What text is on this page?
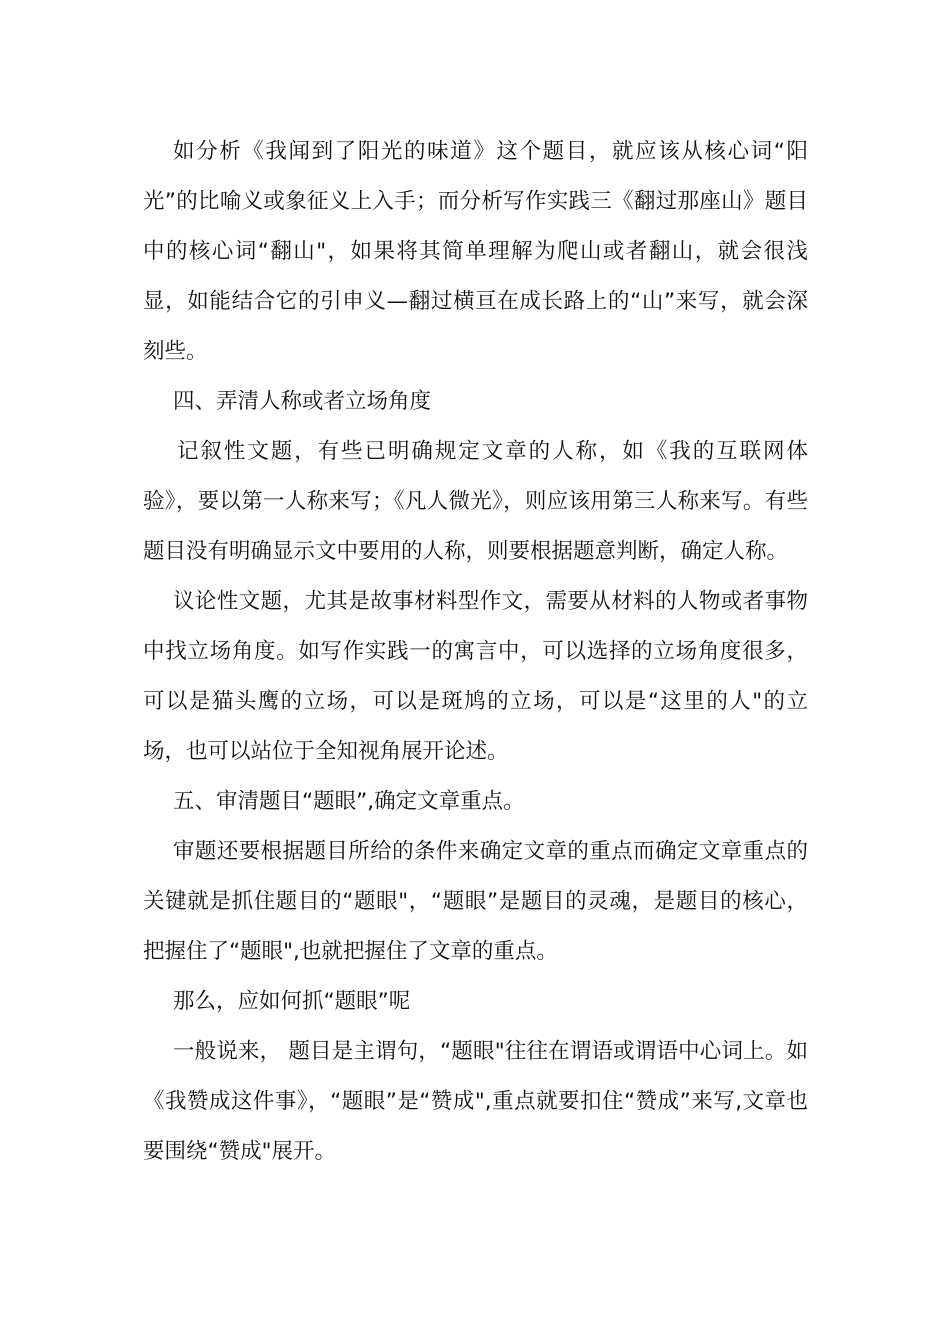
如分析《我闻到了阳光的味道》这个题目，就应该从核心词“阳光”的比喻义或象征义上入手；而分析写作实践三《翻过那座山》题目中的核心词“翻山"，如果将其简单理解为爬山或者翻山，就会很浅显，如能结合它的引申义—翻过横亘在成长路上的“山”来写，就会深刻些。

四、弄清人称或者立场角度

记叙性文题，有些已明确规定文章的人称，如《我的互联网体验》，要以第一人称来写；《凡人微光》，则应该用第三人称来写。有些题目没有明确显示文中要用的人称，则要根据题意判断，确定人称。

议论性文题，尤其是故事材料型作文，需要从材料的人物或者事物中找立场角度。如写作实践一的寓言中，可以选择的立场角度很多，可以是猫头鹰的立场，可以是斑鸠的立场，可以是“这里的人"的立场，也可以站位于全知视角展开论述。

五、审清题目“题眼”,确定文章重点。

审题还要根据题目所给的条件来确定文章的重点而确定文章重点的关键就是抓住题目的“题眼"，“题眼”是题目的灵魂，是题目的核心，把握住了“题眼",也就把握住了文章的重点。

那么，应如何抓“题眼”呢

一般说来， 题目是主谓句，“题眼"往往在谓语或谓语中心词上。如《我赞成这件事》，“题眼”是“赞成",重点就要扣住“赞成”来写,文章也要围绕“赞成"展开。
